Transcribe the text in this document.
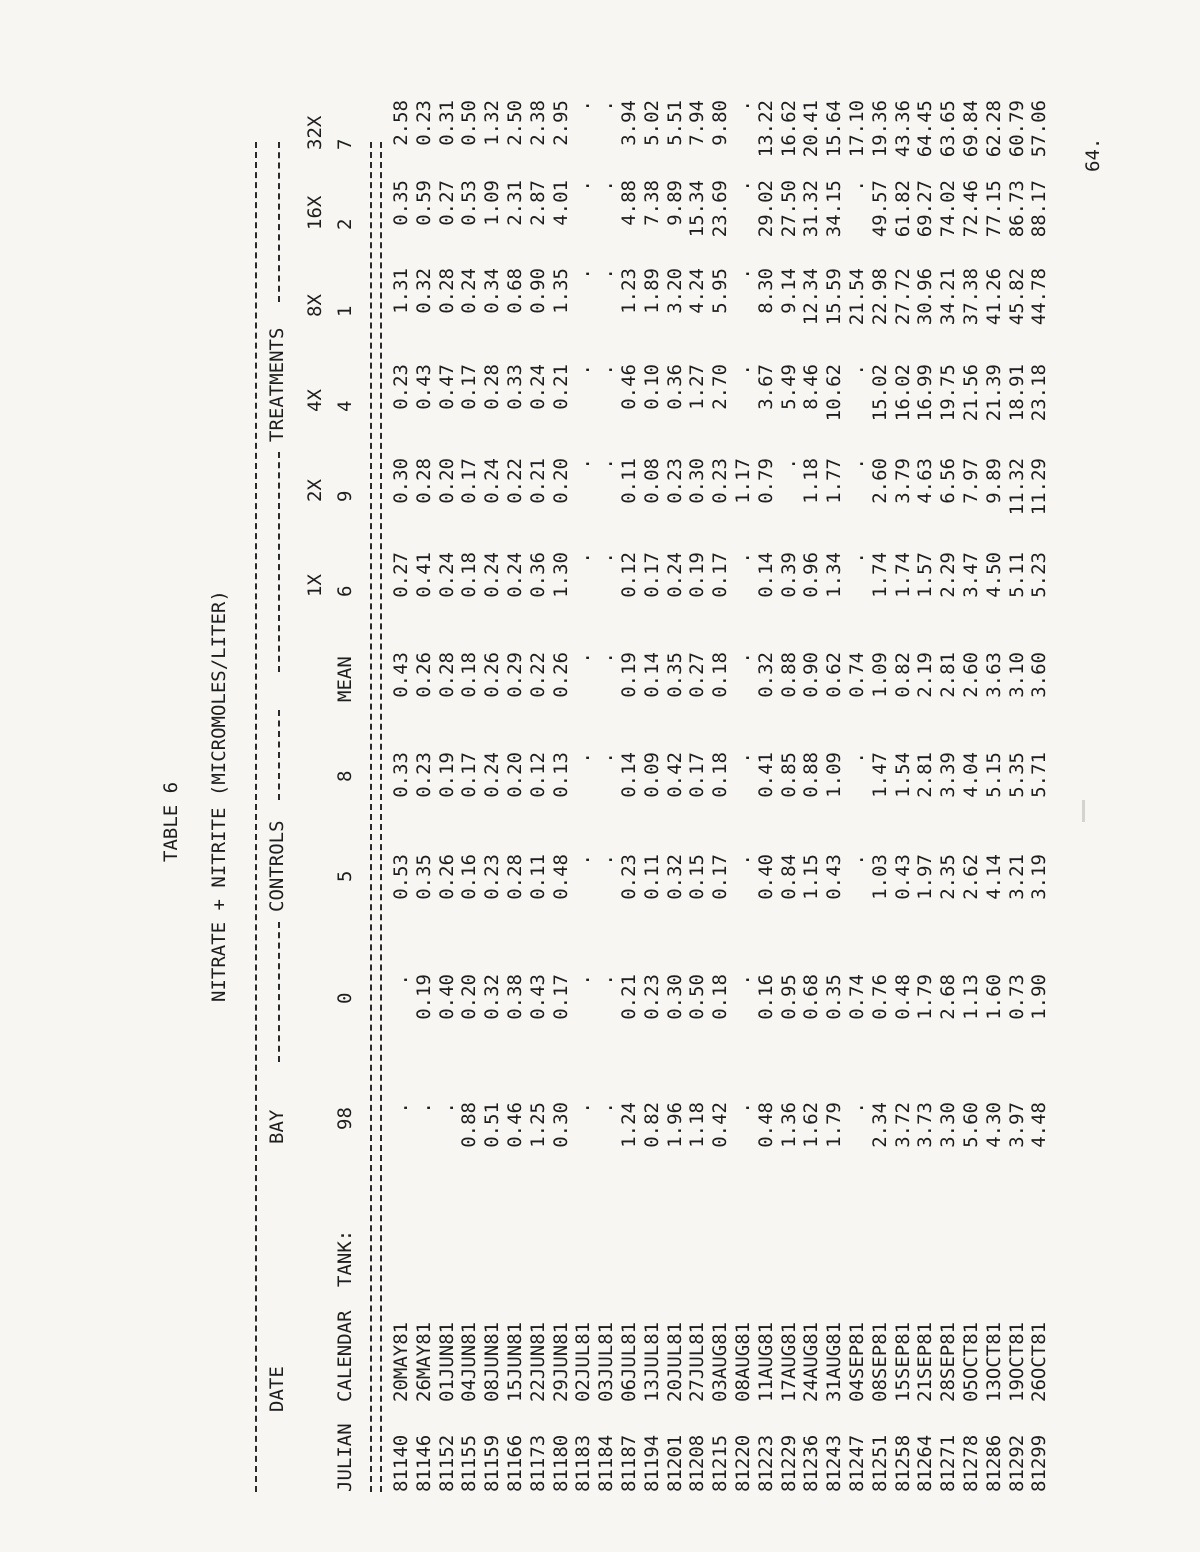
64.
TABLE 6 NITRATE + NITRITE (MICROMOLES/LITER)
DATE
BAY
CONTROLS
TREATMENTS
JULIAN
CALENDAR
TANK:
98
0
5
8
MEAN
1X 6
2X 9
4X 4
8X 1
16X 2
32X 7
81140
20MAY81
.
.
0.53
0.33
0.43
0.27
0.30
0.23
1.31
0.35
2.58
81146
26MAY81
.
0.19
0.35
0.23
0.26
0.41
0.28
0.43
0.32
0.59
0.23
81152
01JUN81
.
0.40
0.26
0.19
0.28
0.24
0.20
0.47
0.28
0.27
0.31
81155
04JUN81
0.88
0.20
0.16
0.17
0.18
0.18
0.17
0.17
0.24
0.53
0.50
81159
08JUN81
0.51
0.32
0.23
0.24
0.26
0.24
0.24
0.28
0.34
1.09
1.32
81166
15JUN81
0.46
0.38
0.28
0.20
0.29
0.24
0.22
0.33
0.68
2.31
2.50
81173
22JUN81
1.25
0.43
0.11
0.12
0.22
0.36
0.21
0.24
0.90
2.87
2.38
81180
29JUN81
0.30
0.17
0.48
0.13
0.26
1.30
0.20
0.21
1.35
4.01
2.95
81183
02JUL81
.
.
.
.
.
.
.
.
.
.
.
81184
03JUL81
.
.
.
.
.
.
.
.
.
.
.
81187
06JUL81
1.24
0.21
0.23
0.14
0.19
0.12
0.11
0.46
1.23
4.88
3.94
81194
13JUL81
0.82
0.23
0.11
0.09
0.14
0.17
0.08
0.10
1.89
7.38
5.02
81201
20JUL81
1.96
0.30
0.32
0.42
0.35
0.24
0.23
0.36
3.20
9.89
5.51
81208
27JUL81
1.18
0.50
0.15
0.17
0.27
0.19
0.30
1.27
4.24
15.34
7.94
81215
03AUG81
0.42
0.18
0.17
0.18
0.18
0.17
0.23
2.70
5.95
23.69
9.80
81220
08AUG81
.
.
.
.
.
.
1.17
.
.
.
.
81223
11AUG81
0.48
0.16
0.40
0.41
0.32
0.14
0.79
3.67
8.30
29.02
13.22
81229
17AUG81
1.36
0.95
0.84
0.85
0.88
0.39
.
5.49
9.14
27.50
16.62
81236
24AUG81
1.62
0.68
1.15
0.88
0.90
0.96
1.18
8.46
12.34
31.32
20.41
81243
31AUG81
1.79
0.35
0.43
1.09
0.62
1.34
1.77
10.62
15.59
34.15
15.64
81247
04SEP81
.
0.74
.
.
0.74
.
.
.
21.54
.
17.10
81251
08SEP81
2.34
0.76
1.03
1.47
1.09
1.74
2.60
15.02
22.98
49.57
19.36
81258
15SEP81
3.72
0.48
0.43
1.54
0.82
1.74
3.79
16.02
27.72
61.82
43.36
81264
21SEP81
3.73
1.79
1.97
2.81
2.19
1.57
4.63
16.99
30.96
69.27
64.45
81271
28SEP81
3.30
2.68
2.35
3.39
2.81
2.29
6.56
19.75
34.21
74.02
63.65
81278
05OCT81
5.60
1.13
2.62
4.04
2.60
3.47
7.97
21.56
37.38
72.46
69.84
81286
13OCT81
4.30
1.60
4.14
5.15
3.63
4.50
9.89
21.39
41.26
77.15
62.28
81292
19OCT81
3.97
0.73
3.21
5.35
3.10
5.11
11.32
18.91
45.82
86.73
60.79
81299
26OCT81
4.48
1.90
3.19
5.71
3.60
5.23
11.29
23.18
44.78
88.17
57.06
